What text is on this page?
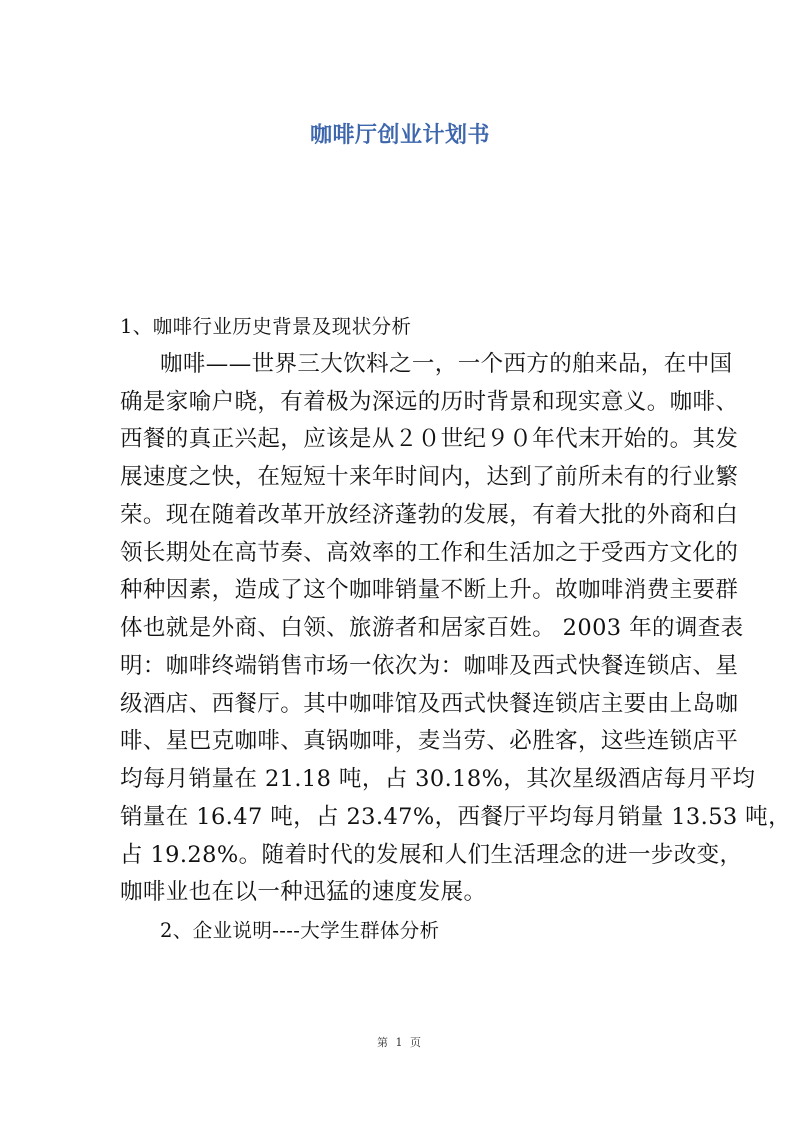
咖啡厅创业计划书
1、咖啡行业历史背景及现状分析
咖啡——世界三大饮料之一，一个西方的舶来品，在中国
确是家喻户晓，有着极为深远的历时背景和现实意义。咖啡、
西餐的真正兴起，应该是从２０世纪９０年代末开始的。其发
展速度之快，在短短十来年时间内，达到了前所未有的行业繁
荣。现在随着改革开放经济蓬勃的发展，有着大批的外商和白
领长期处在高节奏、高效率的工作和生活加之于受西方文化的
种种因素，造成了这个咖啡销量不断上升。故咖啡消费主要群
体也就是外商、白领、旅游者和居家百姓。 2003 年的调查表
明：咖啡终端销售市场一依次为：咖啡及西式快餐连锁店、星
级酒店、西餐厅。其中咖啡馆及西式快餐连锁店主要由上岛咖
啡、星巴克咖啡、真锅咖啡，麦当劳、必胜客，这些连锁店平
均每月销量在 21.18 吨，占 30.18%，其次星级酒店每月平均
销量在 16.47 吨，占 23.47%，西餐厅平均每月销量 13.53 吨，
占 19.28%。随着时代的发展和人们生活理念的进一步改变，
咖啡业也在以一种迅猛的速度发展。
2、企业说明----大学生群体分析
第 1 页
